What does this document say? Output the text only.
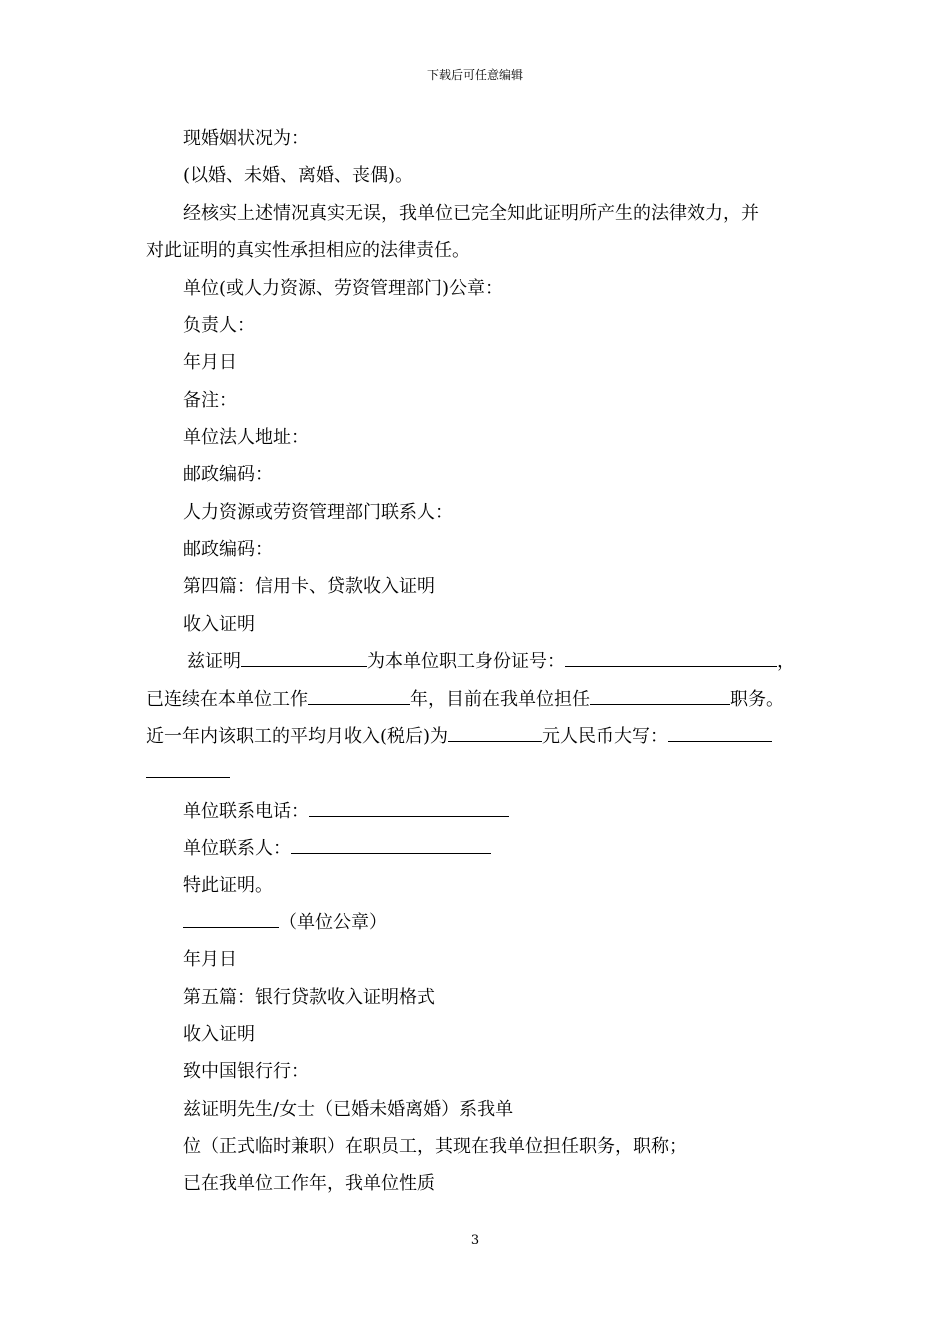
下载后可任意编辑
现婚姻状况为：
(以婚、未婚、离婚、丧偶)。
经核实上述情况真实无误，我单位已完全知此证明所产生的法律效力，并
对此证明的真实性承担相应的法律责任。
单位(或人力资源、劳资管理部门)公章：
负责人：
年月日
备注：
单位法人地址：
邮政编码：
人力资源或劳资管理部门联系人：
邮政编码：
第四篇：信用卡、贷款收入证明
收入证明
兹证明	为本单位职工身份证号：	，
已连续在本单位工作	年，目前在我单位担任	职务。
近一年内该职工的平均月收入(税后)为	元人民币大写：
单位联系电话：
单位联系人：
特此证明。
（单位公章）
年月日
第五篇：银行贷款收入证明格式
收入证明
致中国银行行：
兹证明先生/女士（已婚未婚离婚）系我单
位（正式临时兼职）在职员工，其现在我单位担任职务，职称；
已在我单位工作年，我单位性质
3
